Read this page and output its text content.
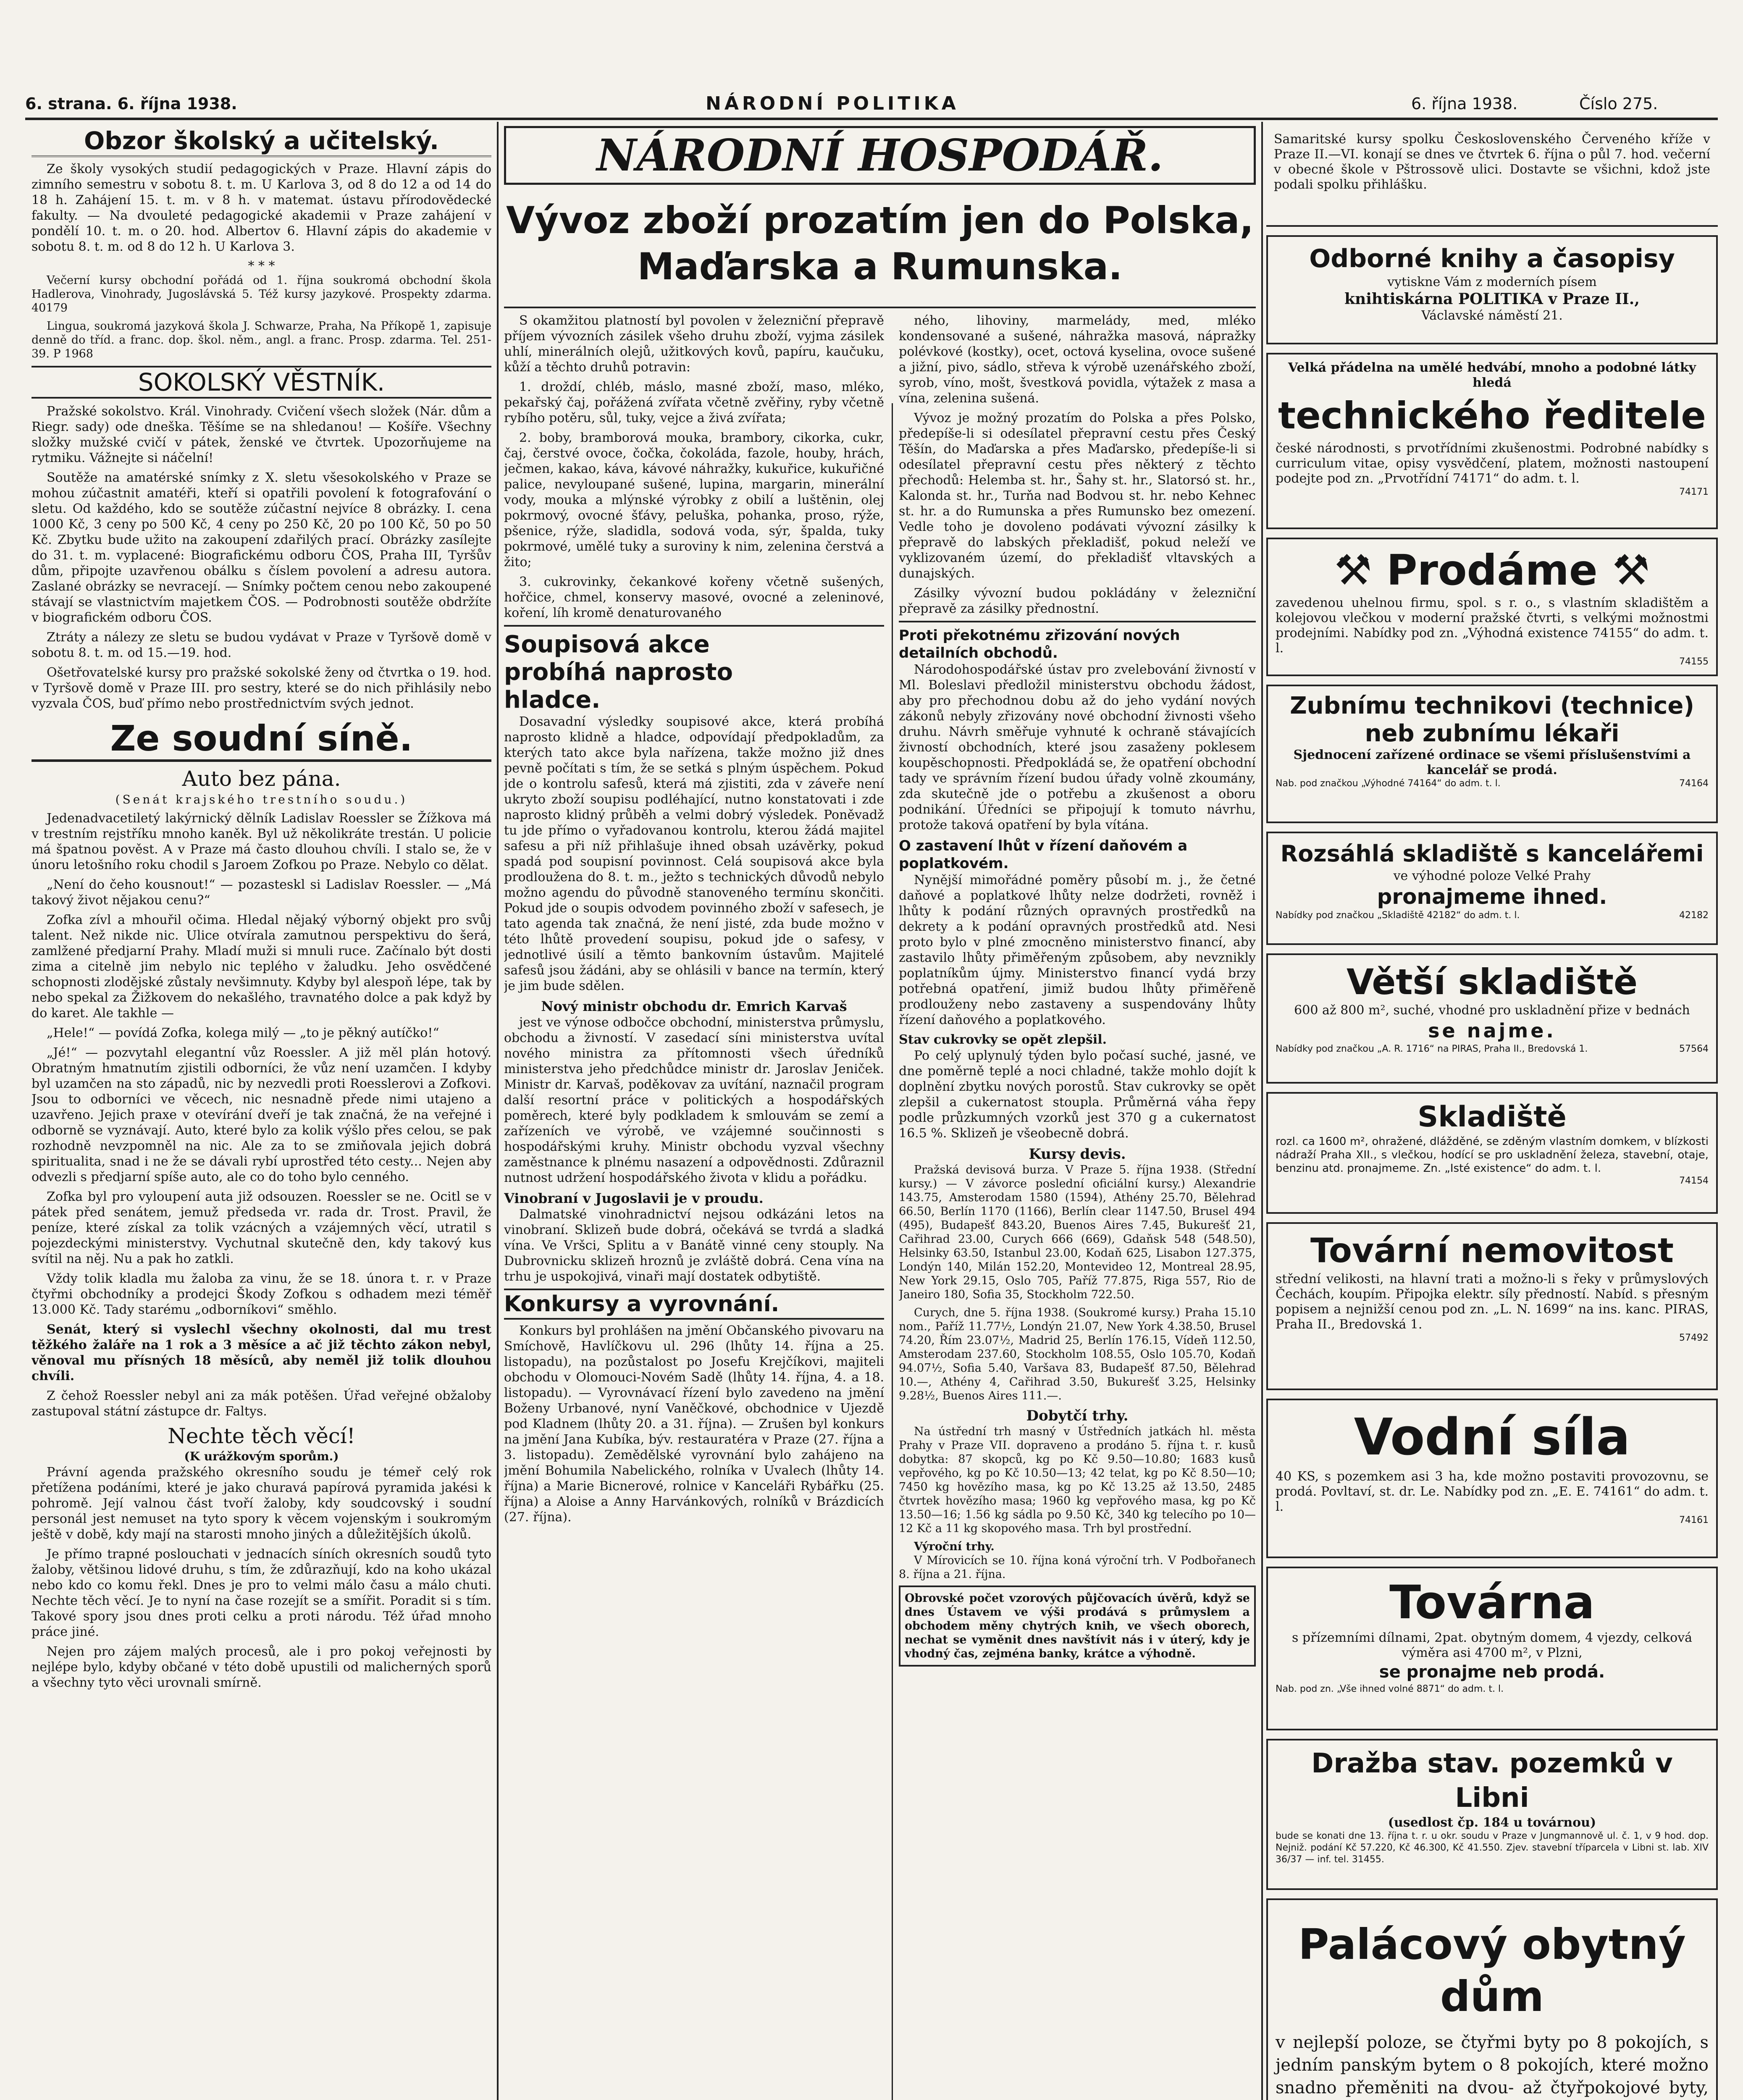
6. strana. 6. října 1938.	NÁRODNÍ POLITIKA	6. října 1938.	Číslo 275.
Obzor školský a učitelský.

Ze školy vysokých studií pedagogických v Praze. Hlavní zápis do zimního semestru v sobotu 8. t. m. U Karlova 3, od 8 do 12 a od 14 do 18 h. Zahájení 15. t. m. v 8 h. v matemat. ústavu přírodovědecké fakulty. — Na dvouleté pedagogické akademii v Praze zahájení v pondělí 10. t. m. o 20. hod. Albertov 6. Hlavní zápis do akademie v sobotu 8. t. m. od 8 do 12 h. U Karlova 3.

* * *

Večerní kursy obchodní pořádá od 1. října soukromá obchodní škola Hadlerova, Vinohrady, Jugoslávská 5. Též kursy jazykové. Prospekty zdarma. 40179

Lingua, soukromá jazyková škola J. Schwarze, Praha, Na Příkopě 1, zapisuje denně do tříd. a franc. dop. škol. něm., angl. a franc. Prosp. zdarma. Tel. 251-39. P 1968

SOKOLSKÝ VĚSTNÍK.

Pražské sokolstvo. Král. Vinohrady. Cvičení všech složek (Nár. dům a Riegr. sady) ode dneška. Těšíme se na shledanou! — Košíře. Všechny složky mužské cvičí v pátek, ženské ve čtvrtek. Upozorňujeme na rytmiku. Vážnejte si náčelní!

Soutěže na amatérské snímky z X. sletu všesokolského v Praze se mohou zúčastnit amatéři, kteří si opatřili povolení k fotografování o sletu. Od každého, kdo se soutěže zúčastní nejvíce 8 obrázky. I. cena 1000 Kč, 3 ceny po 500 Kč, 4 ceny po 250 Kč, 20 po 100 Kč, 50 po 50 Kč. Zbytku bude užito na zakoupení zdařilých prací. Obrázky zasílejte do 31. t. m. vyplacené: Biografickému odboru ČOS, Praha III, Tyršův dům, připojte uzavřenou obálku s číslem povolení a adresu autora. Zaslané obrázky se nevracejí. — Snímky počtem cenou nebo zakoupené stávají se vlastnictvím majetkem ČOS. — Podrobnosti soutěže obdržíte v biografickém odboru ČOS.

Ztráty a nálezy ze sletu se budou vydávat v Praze v Tyršově domě v sobotu 8. t. m. od 15.—19. hod.

Ošetřovatelské kursy pro pražské sokolské ženy od čtvrtka o 19. hod. v Tyršově domě v Praze III. pro sestry, které se do nich přihlásily nebo vyzvala ČOS, buď přímo nebo prostřednictvím svých jednot.

Ze soudní síně.
Auto bez pána.
(Senát krajského trestního soudu.)

Jedenadvacetiletý lakýrnický dělník Ladislav Roessler se Žížkova má v trestním rejstříku mnoho kaněk. Byl už několikráte trestán. U policie má špatnou pověst. A v Praze má často dlouhou chvíli. I stalo se, že v únoru letošního roku chodil s Jaroem Zofkou po Praze. Nebylo co dělat.

„Není do čeho kousnout!“ — pozasteskl si Ladislav Roessler. — „Má takový život nějakou cenu?“

Zofka zívl a mhouřil očima. Hledal nějaký výborný objekt pro svůj talent. Než nikde nic. Ulice otvírala zamutnou perspektivu do šerá, zamlžené předjarní Prahy. Mladí muži si mnuli ruce. Začínalo být dosti zima a citelně jim nebylo nic teplého v žaludku. Jeho osvědčené schopnosti zlodějské zůstaly nevšimnuty. Kdyby byl alespoň lépe, tak by nebo spekal za Žižkovem do nekašlého, travnatého dolce a pak když by do karet. Ale takhle —

„Hele!“ — povídá Zofka, kolega milý — „to je pěkný autíčko!“

„Jé!“ — pozvytahl elegantní vůz Roessler. A již měl plán hotový. Obratným hmatnutím zjistili odborníci, že vůz není uzamčen. I kdyby byl uzamčen na sto západů, nic by nezvedli proti Roesslerovi a Zofkovi. Jsou to odborníci ve věcech, nic nesnadně přede nimi utajeno a uzavřeno. Jejich praxe v otevírání dveří je tak značná, že na veřejné i odborně se vyznávají. Auto, které bylo za kolik výšlo přes celou, se pak rozhodně nevzpomněl na nic. Ale za to se zmiňovala jejich dobrá spiritualita, snad i ne že se dávali rybí uprostřed této cesty... Nejen aby odvezli s předjarní spíše auto, ale co do toho bylo cenného.

Zofka byl pro vyloupení auta již odsouzen. Roessler se ne. Ocitl se v pátek před senátem, jemuž předseda vr. rada dr. Trost. Pravil, že peníze, které získal za tolik vzácných a vzájemných věcí, utratil s pojezdeckými ministerstvy. Vychutnal skutečně den, kdy takový kus svítil na něj. Nu a pak ho zatkli.

Vždy tolik kladla mu žaloba za vinu, že se 18. února t. r. v Praze čtyřmi obchodníky a prodejci Škody Zofkou s odhadem mezi téměř 13.000 Kč. Tady starému „odborníkovi“ směhlo.

Senát, který si vyslechl všechny okolnosti, dal mu trest těžkého žaláře na 1 rok a 3 měsíce a ač již těchto zákon nebyl, věnoval mu přísných 18 měsíců, aby neměl již tolik dlouhou chvíli.

Z čehož Roessler nebyl ani za mák potěšen. Úřad veřejné obžaloby zastupoval státní zástupce dr. Faltys.

Nechte těch věcí!
(K urážkovým sporům.)

Právní agenda pražského okresního soudu je témeř celý rok přetížena podáními, které je jako churavá papírová pyramida jakési k pohromě. Její valnou část tvoří žaloby, kdy soudcovský i soudní personál jest nemuset na tyto spory k věcem vojenským i soukromým ještě v době, kdy mají na starosti mnoho jiných a důležitějších úkolů.

Je přímo trapné poslouchati v jednacích síních okresních soudů tyto žaloby, většinou lidové druhu, s tím, že zdůrazňují, kdo na koho ukázal nebo kdo co komu řekl. Dnes je pro to velmi málo času a málo chuti. Nechte těch věcí. Je to nyní na čase rozejít se a smířit. Poradit si s tím. Takové spory jsou dnes proti celku a proti národu. Též úřad mnoho práce jiné.

Nejen pro zájem malých procesů, ale i pro pokoj veřejnosti by nejlépe bylo, kdyby občané v této době upustili od malicherných sporů a všechny tyto věci urovnali smírně.

NÁRODNÍ HOSPODÁŘ.
Vývoz zboží prozatím jen do Polska, Maďarska a Rumunska.

S okamžitou platností byl povolen v železniční přepravě příjem vývozních zásilek všeho druhu zboží, vyjma zásilek uhlí, minerálních olejů, užitkových kovů, papíru, kaučuku, kůží a těchto druhů potravin:

1. droždí, chléb, máslo, masné zboží, maso, mléko, pekařský čaj, pořážená zvířata včetně zvěřiny, ryby včetně rybího potěru, sůl, tuky, vejce a živá zvířata;

2. boby, bramborová mouka, brambory, cikorka, cukr, čaj, čerstvé ovoce, čočka, čokoláda, fazole, houby, hrách, ječmen, kakao, káva, kávové náhražky, kukuřice, kukuřičné palice, nevyloupané sušené, lupina, margarin, minerální vody, mouka a mlýnské výrobky z obilí a luštěnin, olej pokrmový, ovocné šťávy, peluška, pohanka, proso, rýže, pšenice, rýže, sladidla, sodová voda, sýr, špalda, tuky pokrmové, umělé tuky a suroviny k nim, zelenina čerstvá a žito;

3. cukrovinky, čekankové kořeny včetně sušených, hořčice, chmel, konservy masové, ovocné a zeleninové, koření, líh kromě denaturovaného

Soupisová akce probíhá naprosto hladce.

Dosavadní výsledky soupisové akce, která probíhá naprosto klidně a hladce, odpovídají předpokladům, za kterých tato akce byla nařízena, takže možno již dnes pevně počítati s tím, že se setká s plným úspěchem. Pokud jde o kontrolu safesů, která má zjistiti, zda v záveře není ukryto zboží soupisu podléhající, nutno konstatovati i zde naprosto klidný průběh a velmi dobrý výsledek. Poněvadž tu jde přímo o vyřadovanou kontrolu, kterou žádá majitel safesu a při níž přihlašuje ihned obsah uzávěrky, pokud spadá pod soupisní povinnost. Celá soupisová akce byla prodloužena do 8. t. m., ježto s technických důvodů nebylo možno agendu do původně stanoveného termínu skončiti. Pokud jde o soupis odvodem povinného zboží v safesech, je tato agenda tak značná, že není jisté, zda bude možno v této lhůtě provedení soupisu, pokud jde o safesy, v jednotlivé úsilí a těmto bankovním ústavům. Majitelé safesů jsou žádáni, aby se ohlásili v bance na termín, který je jim bude sdělen.

Nový ministr obchodu dr. Emrich Karvaš

jest ve výnose odbočce obchodní, ministerstva průmyslu, obchodu a živností. V zasedací síni ministerstva uvítal nového ministra za přítomnosti všech úředníků ministerstva jeho předchůdce ministr dr. Jaroslav Jeniček. Ministr dr. Karvaš, poděkovav za uvítání, naznačil program další resortní práce v politických a hospodářských poměrech, které byly podkladem k smlouvám se zemí a zařízeních ve výrobě, ve vzájemné součinnosti s hospodářskými kruhy. Ministr obchodu vyzval všechny zaměstnance k plnému nasazení a odpovědnosti. Zdůraznil nutnost udržení hospodářského života v klidu a pořádku.

Vinobraní v Jugoslavii je v proudu.

Dalmatské vinohradnictví nejsou odkázáni letos na vinobraní. Sklizeň bude dobrá, očekává se tvrdá a sladká vína. Ve Vršci, Splitu a v Banátě vinné ceny stouply. Na Dubrovnicku sklizeň hroznů je zvláště dobrá. Cena vína na trhu je uspokojivá, vinaři mají dostatek odbytiště.

Konkursy a vyrovnání.

Konkurs byl prohlášen na jmění Občanského pivovaru na Smíchově, Havlíčkovu ul. 296 (lhůty 14. října a 25. listopadu), na pozůstalost po Josefu Krejčíkovi, majiteli obchodu v Olomouci-Novém Sadě (lhůty 14. října, 4. a 18. listopadu). — Vyrovnávací řízení bylo zavedeno na jmění Boženy Urbanové, nyní Vaněčkové, obchodnice v Ujezdě pod Kladnem (lhůty 20. a 31. října). — Zrušen byl konkurs na jmění Jana Kubíka, býv. restauratéra v Praze (27. října a 3. listopadu). Zemědělské vyrovnání bylo zahájeno na jmění Bohumila Nabelického, rolníka v Uvalech (lhůty 14. října) a Marie Bicnerové, rolnice v Kanceláři Rybářku (25. října) a Aloise a Anny Harvánkových, rolníků v Brázdicích (27. října).

ného, lihoviny, marmelády, med, mléko kondensované a sušené, náhražka masová, nápražky polévkové (kostky), ocet, octová kyselina, ovoce sušené a jižní, pivo, sádlo, střeva k výrobě uzenářského zboží, syrob, víno, mošt, švestková povidla, výtažek z masa a vína, zelenina sušená.

Vývoz je možný prozatím do Polska a přes Polsko, předepíše-li si odesílatel přepravní cestu přes Český Těšín, do Maďarska a přes Maďarsko, předepíše-li si odesílatel přepravní cestu přes některý z těchto přechodů: Helemba st. hr., Šahy st. hr., Slatorsó st. hr., Kalonda st. hr., Turňa nad Bodvou st. hr. nebo Kehnec st. hr. a do Rumunska a přes Rumunsko bez omezení. Vedle toho je dovoleno podávati vývozní zásilky k přepravě do labských překladišť, pokud neleží ve vyklizovaném území, do překladišť vltavských a dunajských.

Zásilky vývozní budou pokládány v železniční přepravě za zásilky přednostní.

Proti překotnému zřizování nových detailních obchodů.

Národohospodářské ústav pro zvelebování živností v Ml. Boleslavi předložil ministerstvu obchodu žádost, aby pro přechodnou dobu až do jeho vydání nových zákonů nebyly zřizovány nové obchodní živnosti všeho druhu. Návrh směřuje vyhnuté k ochraně stávajících živností obchodních, které jsou zasaženy poklesem koupěschopnosti. Předpokládá se, že opatření obchodní tady ve správním řízení budou úřady volně zkoumány, zda skutečně jde o potřebu a zkušenost a oboru podnikání. Úředníci se připojují k tomuto návrhu, protože taková opatření by byla vítána.

O zastavení lhůt v řízení daňovém a poplatkovém.

Nynější mimořádné poměry působí m. j., že četné daňové a poplatkové lhůty nelze dodržeti, rovněž i lhůty k podání různých opravných prostředků na dekrety a k podání opravných prostředků atd. Nesi proto bylo v plné zmocněno ministerstvo financí, aby zastavilo lhůty přiměřeným způsobem, aby nevznikly poplatníkům újmy. Ministerstvo financí vydá brzy potřebná opatření, jimiž budou lhůty přiměřeně prodlouženy nebo zastaveny a suspendovány lhůty řízení daňového a poplatkového.

Stav cukrovky se opět zlepšil.

Po celý uplynulý týden bylo počasí suché, jasné, ve dne poměrně teplé a noci chladné, takže mohlo dojít k doplnění zbytku nových porostů. Stav cukrovky se opět zlepšil a cukernatost stoupla. Průměrná váha řepy podle průzkumných vzorků jest 370 g a cukernatost 16.5 %. Sklizeň je všeobecně dobrá.

Kursy devis.

Pražská devisová burza. V Praze 5. října 1938. (Střední kursy.) — V závorce poslední oficiální kursy.) Alexandrie 143.75, Amsterodam 1580 (1594), Athény 25.70, Bělehrad 66.50, Berlín 1170 (1166), Berlín clear 1147.50, Brusel 494 (495), Budapešť 843.20, Buenos Aires 7.45, Bukurešť 21, Cařihrad 23.00, Curych 666 (669), Gdaňsk 548 (548.50), Helsinky 63.50, Istanbul 23.00, Kodaň 625, Lisabon 127.375, Londýn 140, Milán 152.20, Montevideo 12, Montreal 28.95, New York 29.15, Oslo 705, Paříž 77.875, Riga 557, Rio de Janeiro 180, Sofia 35, Stockholm 722.50.

Curych, dne 5. října 1938. (Soukromé kursy.) Praha 15.10 nom., Paříž 11.77½, Londýn 21.07, New York 4.38.50, Brusel 74.20, Řím 23.07½, Madrid 25, Berlín 176.15, Vídeň 112.50, Amsterodam 237.60, Stockholm 108.55, Oslo 105.70, Kodaň 94.07½, Sofia 5.40, Varšava 83, Budapešť 87.50, Bělehrad 10.—, Athény 4, Cařihrad 3.50, Bukurešť 3.25, Helsinky 9.28½, Buenos Aires 111.—.

Dobytčí trhy.

Na ústřední trh masný v Ústředních jatkách hl. města Prahy v Praze VII. dopraveno a prodáno 5. října t. r. kusů dobytka: 87 skopců, kg po Kč 9.50—10.80; 1683 kusů vepřového, kg po Kč 10.50—13; 42 telat, kg po Kč 8.50—10; 7450 kg hovězího masa, kg po Kč 13.25 až 13.50, 2485 čtvrtek hovězího masa; 1960 kg vepřového masa, kg po Kč 13.50—16; 1.56 kg sádla po 9.50 Kč, 340 kg telecího po 10—12 Kč a 11 kg skopového masa. Trh byl prostřední.

Výroční trhy.

V Mírovicích se 10. října koná výroční trh. V Podbořanech 8. října a 21. října.

Obrovské počet vzorových půjčovacích úvěrů, když se dnes Ústavem ve výši prodává s průmyslem a obchodem měny chytrých knih, ve všech oborech, nechat se vyměnit dnes navštívit nás i v úterý, kdy je vhodný čas, zejména banky, krátce a výhodně.

Samaritské kursy spolku Československého Červeného kříže v Praze II.—VI. konají se dnes ve čtvrtek 6. října o půl 7. hod. večerní v obecné škole v Pštrossově ulici. Dostavte se všichni, kdož jste podali spolku přihlášku.
Odborné knihy a časopisy
vytiskne Vám z moderních písem
knihtiskárna POLITIKA v Praze II.,
Václavské náměstí 21.
Velká přádelna na umělé hedvábí, mnoho a podobné látky hledá
technického ředitele
české národnosti, s prvotřídními zkušenostmi. Podrobné nabídky s curriculum vitae, opisy vysvědčení, platem, možnosti nastoupení podejte pod zn. „Prvotřídní 74171“ do adm. t. l.
74171
⚒ Prodáme ⚒
zavedenou uhelnou firmu, spol. s r. o., s vlastním skladištěm a kolejovou vlečkou v moderní pražské čtvrti, s velkými možnostmi prodejními. Nabídky pod zn. „Výhodná existence 74155“ do adm. t. l.
74155
Zubnímu technikovi (technice) neb zubnímu lékaři
Sjednocení zařízené ordinace se všemi příslušenstvími a kancelář se prodá.
Nab. pod značkou „Výhodné 74164“ do adm. t. l.	74164
Rozsáhlá skladiště s kancelářemi
ve výhodné poloze Velké Prahy
pronajmeme ihned.
Nabídky pod značkou „Skladiště 42182“ do adm. t. l.	42182
Větší skladiště
600 až 800 m², suché, vhodné pro uskladnění přize v bednách
se najme.
Nabídky pod značkou „A. R. 1716“ na PIRAS, Praha II., Bredovská 1.	57564
Skladiště
rozl. ca 1600 m², ohražené, dlážděné, se zděným vlastním domkem, v blízkosti nádraží Praha XII., s vlečkou, hodící se pro uskladnění železa, stavební, otaje, benzinu atd. pronajmeme. Zn. „Isté existence“ do adm. t. l.
74154
Tovární nemovitost
střední velikosti, na hlavní trati a možno-li s řeky v průmyslových Čechách, koupím. Připojka elektr. síly předností. Nabíd. s přesným popisem a nejnižší cenou pod zn. „L. N. 1699“ na ins. kanc. PIRAS, Praha II., Bredovská 1.
57492
Vodní síla
40 KS, s pozemkem asi 3 ha, kde možno postaviti provozovnu, se prodá. Povltaví, st. dr. Le. Nabídky pod zn. „E. E. 74161“ do adm. t. l.
74161
Továrna
s přízemními dílnami, 2pat. obytným domem, 4 vjezdy, celková výměra asi 4700 m², v Plzni,
se pronajme neb prodá.
Nab. pod zn. „Vše ihned volné 8871“ do adm. t. l.
Dražba stav. pozemků v Libni
(usedlost čp. 184 u továrnou)
bude se konati dne 13. října t. r. u okr. soudu v Praze v Jungmannově ul. č. 1, v 9 hod. dop. Nejniž. podání Kč 57.220, Kč 46.300, Kč 41.550. Zjev. stavební tříparcela v Libni st. lab. XIV 36/37 — inf. tel. 31455.
Palácový obytný dům
v nejlepší poloze, se čtyřmi byty po 8 pokojích, s jedním panským bytem o 8 pokojích, které možno snadno přeměniti na dvou- až čtyřpokojové byty,
